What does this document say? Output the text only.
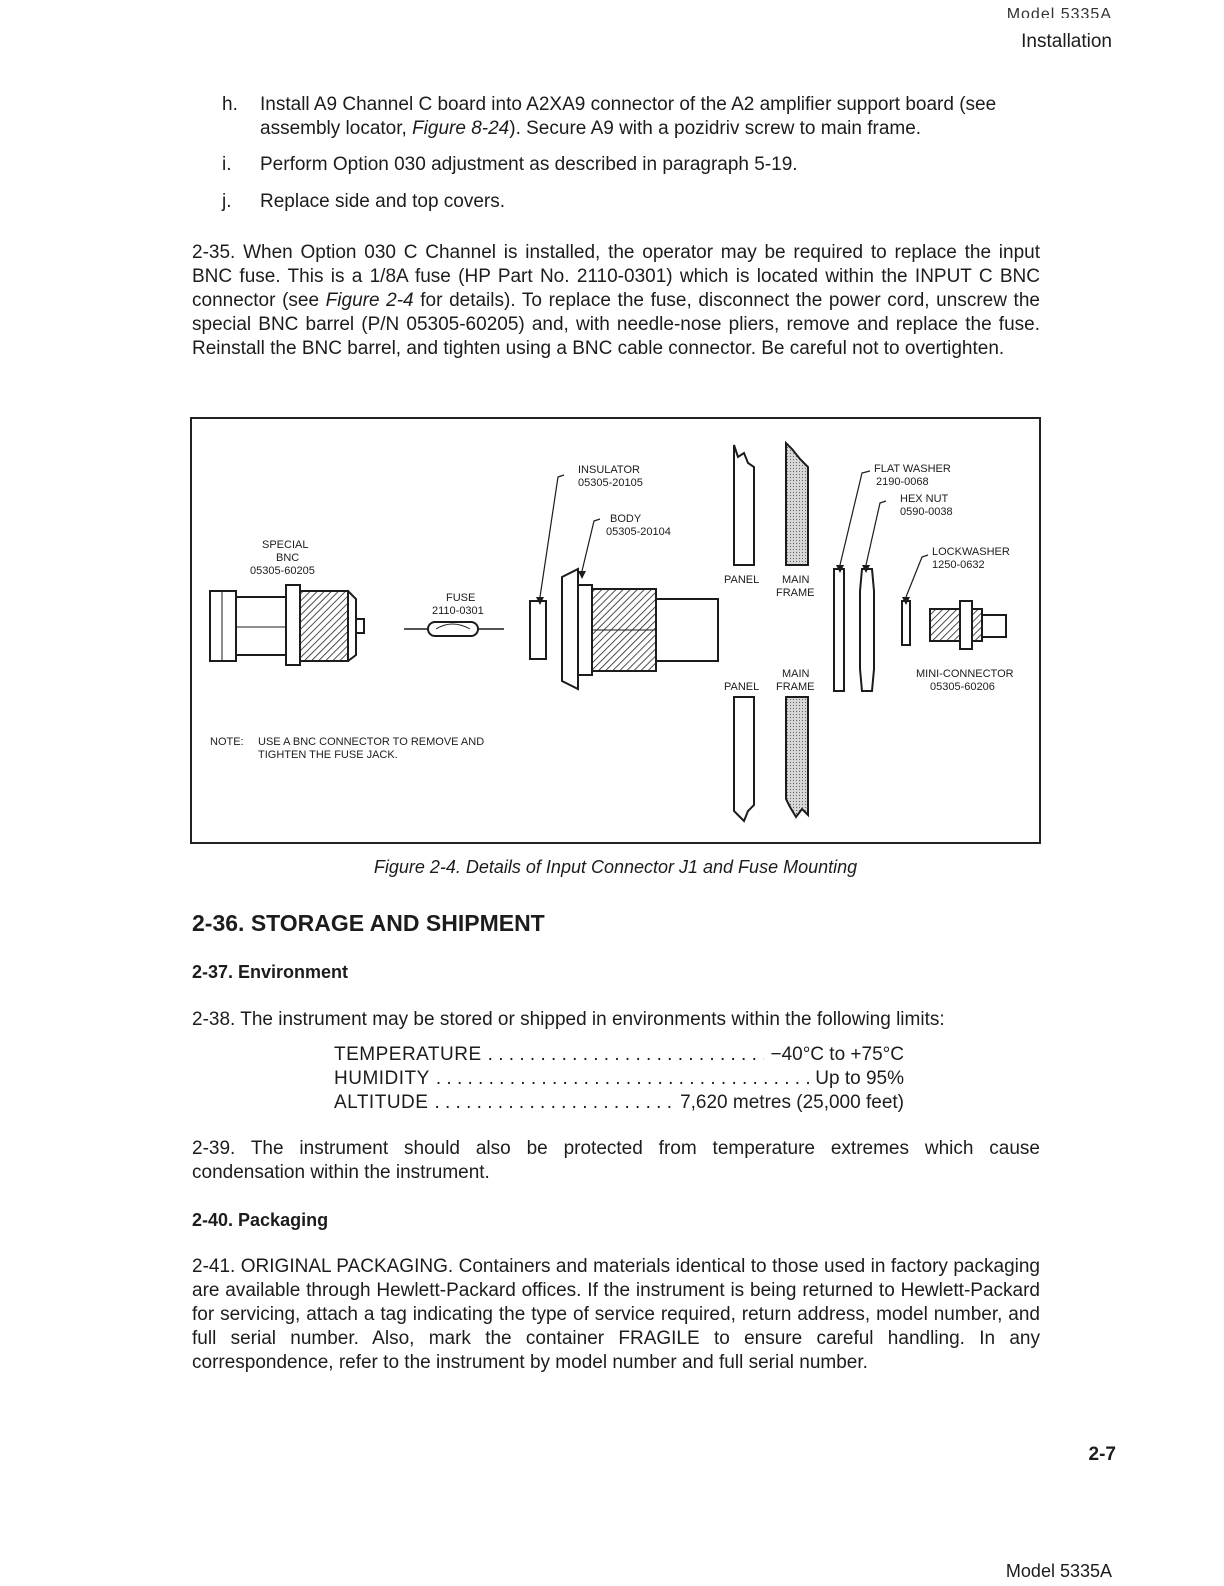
Model 5335A
Installation
h. Install A9 Channel C board into A2XA9 connector of the A2 amplifier support board (see assembly locator, Figure 8-24). Secure A9 with a pozidriv screw to main frame.
i. Perform Option 030 adjustment as described in paragraph 5-19.
j. Replace side and top covers.
2-35. When Option 030 C Channel is installed, the operator may be required to replace the input BNC fuse. This is a 1/8A fuse (HP Part No. 2110-0301) which is located within the INPUT C BNC connector (see Figure 2-4 for details). To replace the fuse, disconnect the power cord, unscrew the special BNC barrel (P/N 05305-60205) and, with needle-nose pliers, remove and replace the fuse. Reinstall the BNC barrel, and tighten using a BNC cable connector. Be careful not to overtighten.
SPECIAL BNC 05305-60205
FUSE 2110-0301
INSULATOR 05305-20105
BODY 05305-20104
PANEL	MAIN FRAME
PANEL
MAIN FRAME
FLAT WASHER 2190-0068
HEX NUT 0590-0038
LOCKWASHER 1250-0632
MINI-CONNECTOR 05305-60206
NOTE: USE A BNC CONNECTOR TO REMOVE AND TIGHTEN THE FUSE JACK.
Figure 2-4. Details of Input Connector J1 and Fuse Mounting
2-36. STORAGE AND SHIPMENT
2-37. Environment
2-38. The instrument may be stored or shipped in environments within the following limits:
TEMPERATURE . . .	−40°C to +75°C
HUMIDITY . . .	Up to 95%
ALTITUDE . . .	7,620 metres (25,000 feet)
2-39. The instrument should also be protected from temperature extremes which cause condensation within the instrument.
2-40. Packaging
2-41. ORIGINAL PACKAGING. Containers and materials identical to those used in factory packaging are available through Hewlett-Packard offices. If the instrument is being returned to Hewlett-Packard for servicing, attach a tag indicating the type of service required, return address, model number, and full serial number. Also, mark the container FRAGILE to ensure careful handling. In any correspondence, refer to the instrument by model number and full serial number.
2-7
Model 5335A
